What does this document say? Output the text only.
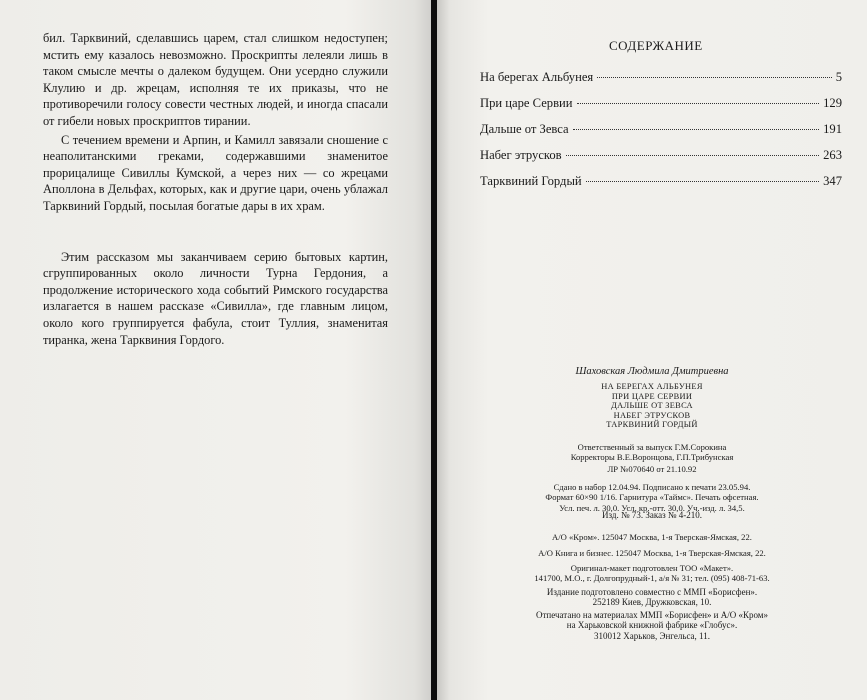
бил. Тарквиний, сделавшись царем, стал слишком недоступен; мстить ему казалось невозможно. Проскрипты лелеяли лишь в таком смысле мечты о далеком будущем. Они усердно служили Клулию и др. жрецам, исполняя те их приказы, что не противоречили голосу совести честных людей, и иногда спасали от гибели новых проскриптов тирании.

С течением времени и Арпин, и Камилл завязали сношение с неаполитанскими греками, содержавшими знаменитое прорицалище Сивиллы Кумской, а через них — со жрецами Аполлона в Дельфах, которых, как и другие цари, очень ублажал Тарквиний Гордый, посылая богатые дары в их храм.

Этим рассказом мы заканчиваем серию бытовых картин, сгруппированных около личности Турна Гердония, а продолжение исторического хода событий Римского государства излагается в нашем рассказе «Сивилла», где главным лицом, около кого группируется фабула, стоит Туллия, знаменитая тиранка, жена Тарквиния Гордого.

СОДЕРЖАНИЕ
На берегах Альбунея	5
При царе Сервии	129
Дальше от Зевса	191
Набег этрусков	263
Тарквиний Гордый	347
Шаховская Людмила Дмитриевна
НА БЕРЕГАХ АЛЬБУНЕЯ
ПРИ ЦАРЕ СЕРВИИ
ДАЛЬШЕ ОТ ЗЕВСА
НАБЕГ ЭТРУСКОВ
ТАРКВИНИЙ ГОРДЫЙ
Ответственный за выпуск Г.М.Сорокина
Корректоры В.Е.Воронцова, Г.П.Трибунская
ЛР №070640 от 21.10.92
Сдано в набор 12.04.94. Подписано к печати 23.05.94.
Формат 60×90 1/16. Гарнитура «Таймс». Печать офсетная.
Усл. печ. л. 30,0. Усл. кр.-отт. 30,0. Уч.-изд. л. 34,5.
Изд. № 73. Заказ № 4-210.
А/О «Кром». 125047 Москва, 1-я Тверская-Ямская, 22.
А/О Книга и бизнес. 125047 Москва, 1-я Тверская-Ямская, 22.
Оригинал-макет подготовлен ТОО «Макет».
141700, М.О., г. Долгопрудный-1, а/я № 31; тел. (095) 408-71-63.
Издание подготовлено совместно с ММП «Борисфен».
252189 Киев, Дружковская, 10.
Отпечатано на материалах ММП «Борисфен» и А/О «Кром»
на Харьковской книжной фабрике «Глобус».
310012 Харьков, Энгельса, 11.
